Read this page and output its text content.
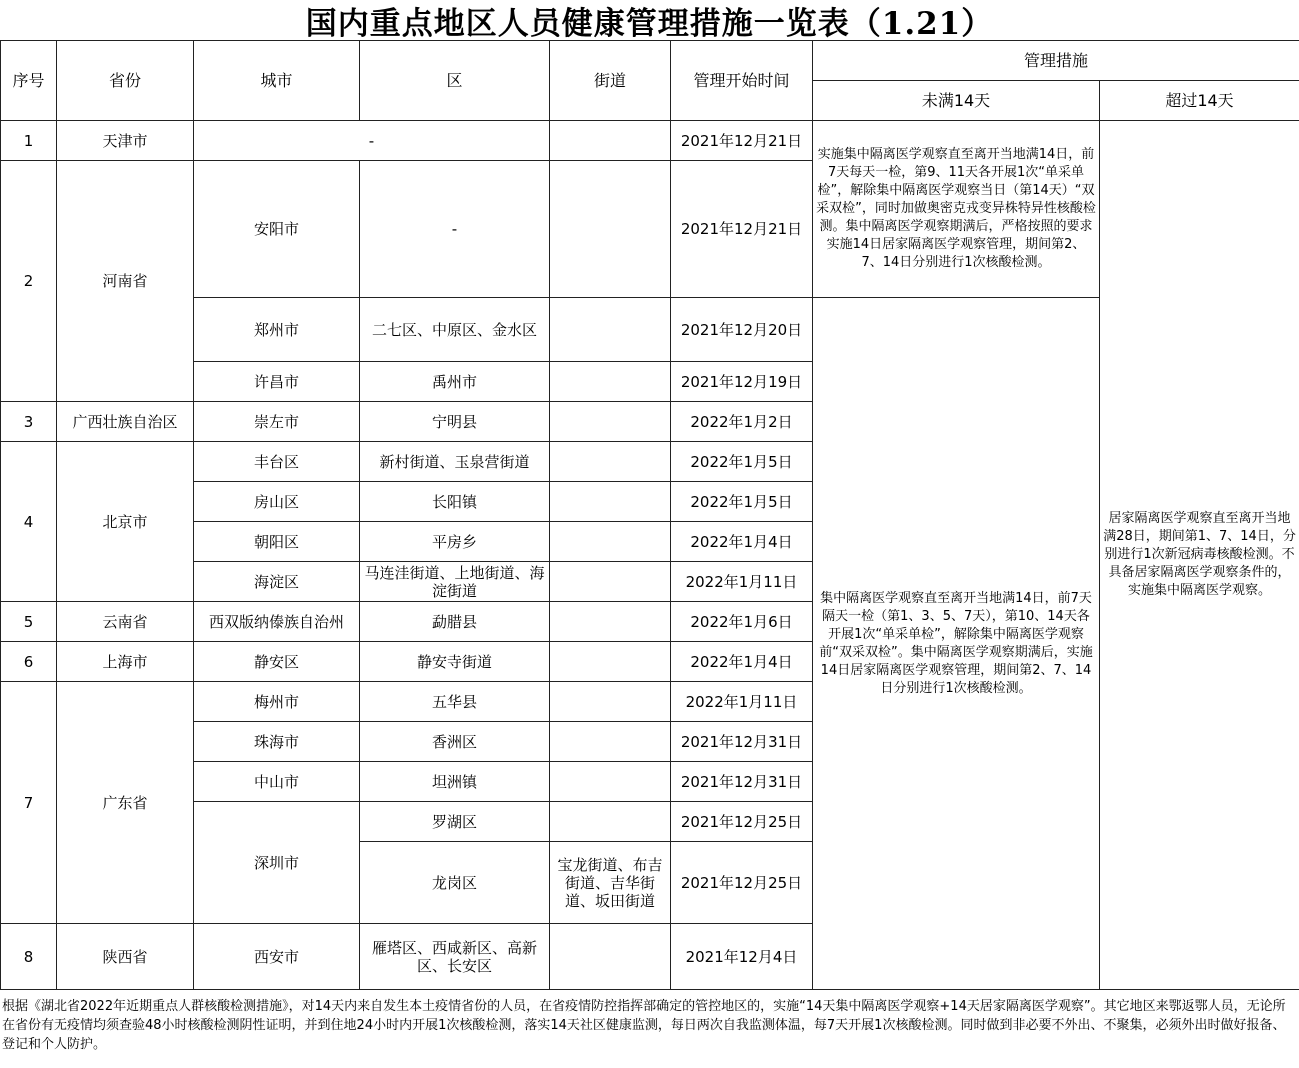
国内重点地区人员健康管理措施一览表（1.21）
序号	省份	城市	区	街道	管理开始时间	管理措施	
						未满14天	超过14天
1	天津市	-			2021年12月21日	实施集中隔离医学观察直至离开当地满14日，前7天每天一检，第9、11天各开展1次“单采单检”，解除集中隔离医学观察当日（第14天）“双采双检”，同时加做奥密克戎变异株特异性核酸检测。集中隔离医学观察期满后，严格按照的要求实施14日居家隔离医学观察管理，期间第2、7、14日分别进行1次核酸检测。	居家隔离医学观察直至离开当地满28日，期间第1、7、14日，分别进行1次新冠病毒核酸检测。不具备居家隔离医学观察条件的，实施集中隔离医学观察。
2	河南省	安阳市	-		2021年12月21日		

		郑州市	二七区、中原区、金水区		2021年12月20日	集中隔离医学观察直至离开当地满14日，前7天隔天一检（第1、3、5、7天），第10、14天各开展1次“单采单检”，解除集中隔离医学观察前“双采双检”。集中隔离医学观察期满后，实施14日居家隔离医学观察管理，期间第2、7、14日分别进行1次核酸检测。	
		许昌市	禹州市		2021年12月19日		
3	广西壮族自治区	崇左市	宁明县		2022年1月2日		
4	北京市	丰台区	新村街道、玉泉营街道		2022年1月5日		
		房山区	长阳镇		2022年1月5日		
		朝阳区	平房乡		2022年1月4日		
		海淀区	马连洼街道、上地街道、海淀街道		2022年1月11日		
5	云南省	西双版纳傣族自治州	勐腊县		2022年1月6日		
6	上海市	静安区	静安寺街道		2022年1月4日		
7	广东省	梅州市	五华县		2022年1月11日		
		珠海市	香洲区		2021年12月31日		
		中山市	坦洲镇		2021年12月31日		
		深圳市	罗湖区		2021年12月25日		
			龙岗区	宝龙街道、布吉街道、吉华街道、坂田街道	2021年12月25日		

8	陕西省	西安市	雁塔区、西咸新区、高新区、长安区		2021年12月4日		
根据《湖北省2022年近期重点人群核酸检测措施》，对14天内来自发生本土疫情省份的人员，在省疫情防控指挥部确定的管控地区的，实施“14天集中隔离医学观察+14天居家隔离医学观察”。其它地区来鄂返鄂人员，无论所在省份有无疫情均须查验48小时核酸检测阴性证明，并到住地24小时内开展1次核酸检测，落实14天社区健康监测，每日两次自我监测体温，每7天开展1次核酸检测。同时做到非必要不外出、不聚集，必须外出时做好报备、登记和个人防护。
